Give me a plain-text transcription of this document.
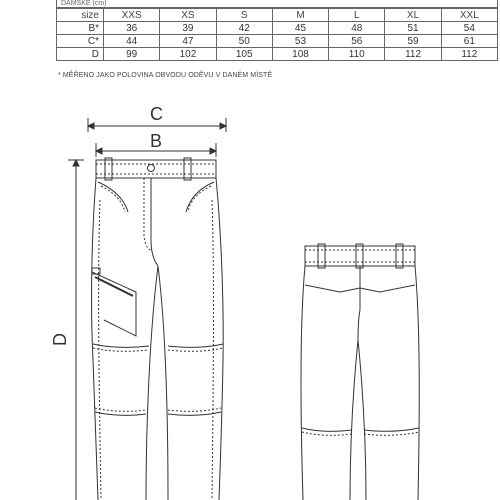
DÁMSKÉ (cm)
size	XXS	XS	S	M	L	XL	XXL
B*	36	39	42	45	48	51	54
C*	44	47	50	53	56	59	61
D	99	102	105	108	110	112	112
* MĚŘENO JAKO POLOVINA OBVODU ODĚVU V DANÉM MÍSTĚ
C
B
D
